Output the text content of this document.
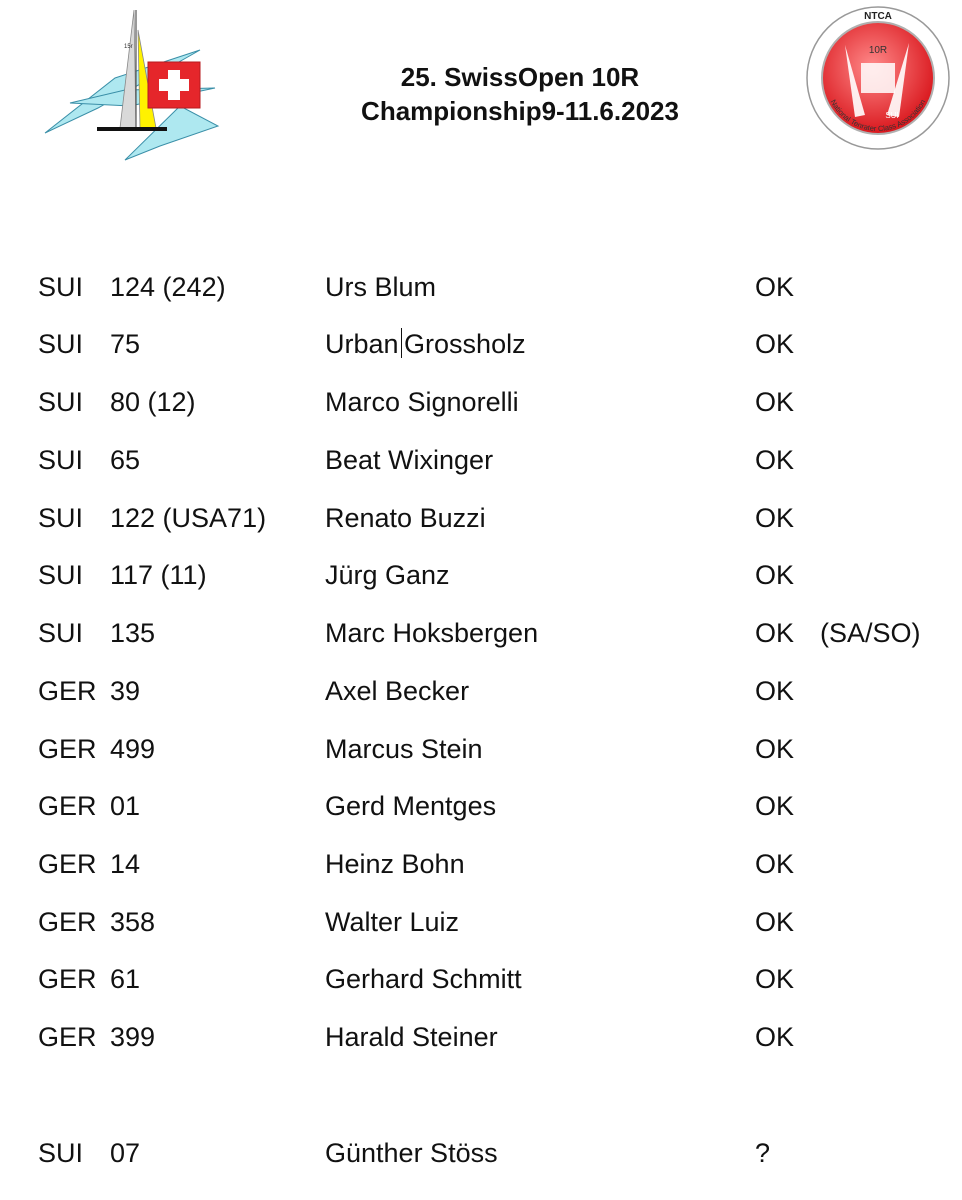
15r
25. SwissOpen 10R
Championship9-11.6.2023
NTCA
10R
SUI
National Tenrater Class Association
SUI 124 (242)	Urs Blum	OK
SUI 75	Urban Grossholz	OK
SUI 80 (12)	Marco Signorelli	OK
SUI 65	Beat Wixinger	OK
SUI 122 (USA71) Renato Buzzi	OK
SUI 117 (11)	Jürg Ganz	OK
SUI 135	Marc Hoksbergen	OK (SA/SO)
GER 39	Axel Becker	OK
GER 499	Marcus Stein	OK
GER 01	Gerd Mentges	OK
GER 14	Heinz Bohn	OK
GER 358	Walter Luiz	OK
GER 61	Gerhard Schmitt	OK
GER 399	Harald Steiner	OK
SUI 07	Günther Stöss	?
